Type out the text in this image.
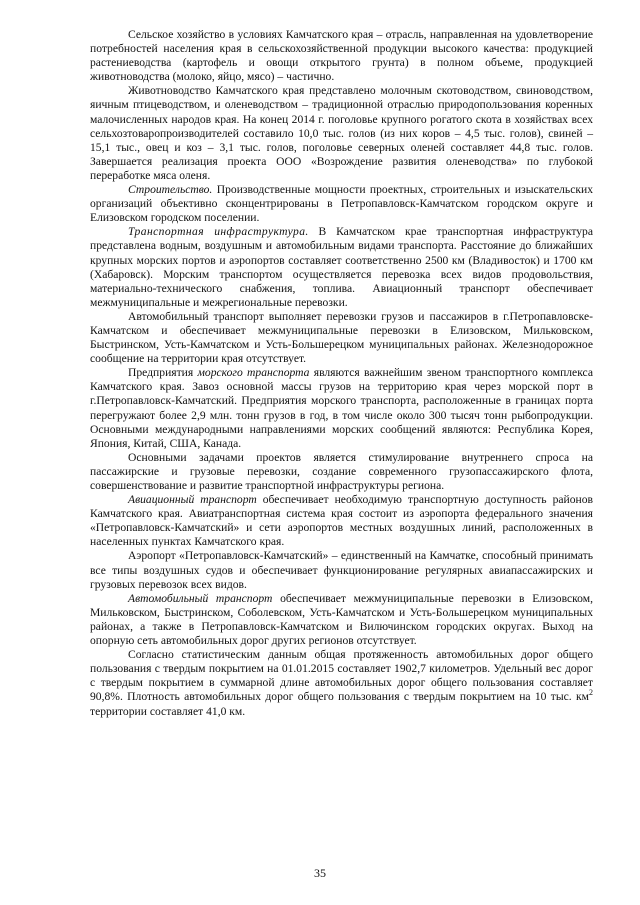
Сельское хозяйство в условиях Камчатского края – отрасль, направленная на удовлетворение потребностей населения края в сельскохозяйственной продукции высокого качества: продукцией растениеводства (картофель и овощи открытого грунта) в полном объеме, продукцией животноводства (молоко, яйцо, мясо) – частично.

Животноводство Камчатского края представлено молочным скотоводством, свиноводством, яичным птицеводством, и оленеводством – традиционной отраслью природопользования коренных малочисленных народов края. На конец 2014 г. поголовье крупного рогатого скота в хозяйствах всех сельхозтоваропроизводителей составило 10,0 тыс. голов (из них коров – 4,5 тыс. голов), свиней – 15,1 тыс., овец и коз – 3,1 тыс. голов, поголовье северных оленей составляет 44,8 тыс. голов. Завершается реализация проекта ООО «Возрождение развития оленеводства» по глубокой переработке мяса оленя.

Строительство. Производственные мощности проектных, строительных и изыскательских организаций объективно сконцентрированы в Петропавловск-Камчатском городском округе и Елизовском городском поселении.

Транспортная инфраструктура. В Камчатском крае транспортная инфраструктура представлена водным, воздушным и автомобильным видами транспорта. Расстояние до ближайших крупных морских портов и аэропортов составляет соответственно 2500 км (Владивосток) и 1700 км (Хабаровск). Морским транспортом осуществляется перевозка всех видов продовольствия, материально-технического снабжения, топлива. Авиационный транспорт обеспечивает межмуниципальные и межрегиональные перевозки.

Автомобильный транспорт выполняет перевозки грузов и пассажиров в г.Петропавловске-Камчатском и обеспечивает межмуниципальные перевозки в Елизовском, Мильковском, Быстринском, Усть-Камчатском и Усть-Большерецком муниципальных районах. Железнодорожное сообщение на территории края отсутствует.

Предприятия морского транспорта являются важнейшим звеном транспортного комплекса Камчатского края. Завоз основной массы грузов на территорию края через морской порт в г.Петропавловск-Камчатский. Предприятия морского транспорта, расположенные в границах порта перегружают более 2,9 млн. тонн грузов в год, в том числе около 300 тысяч тонн рыбопродукции. Основными международными направлениями морских сообщений являются: Республика Корея, Япония, Китай, США, Канада.

Основными задачами проектов является стимулирование внутреннего спроса на пассажирские и грузовые перевозки, создание современного грузопассажирского флота, совершенствование и развитие транспортной инфраструктуры региона.

Авиационный транспорт обеспечивает необходимую транспортную доступность районов Камчатского края. Авиатранспортная система края состоит из аэропорта федерального значения «Петропавловск-Камчатский» и сети аэропортов местных воздушных линий, расположенных в населенных пунктах Камчатского края.

Аэропорт «Петропавловск-Камчатский» – единственный на Камчатке, способный принимать все типы воздушных судов и обеспечивает функционирование регулярных авиапассажирских и грузовых перевозок всех видов.

Автомобильный транспорт обеспечивает межмуниципальные перевозки в Елизовском, Мильковском, Быстринском, Соболевском, Усть-Камчатском и Усть-Большерецком муниципальных районах, а также в Петропавловск-Камчатском и Вилючинском городских округах. Выход на опорную сеть автомобильных дорог других регионов отсутствует.

Согласно статистическим данным общая протяженность автомобильных дорог общего пользования с твердым покрытием на 01.01.2015 составляет 1902,7 километров. Удельный вес дорог с твердым покрытием в суммарной длине автомобильных дорог общего пользования составляет 90,8%. Плотность автомобильных дорог общего пользования с твердым покрытием на 10 тыс. $км^2$ территории составляет 41,0 км.

35
